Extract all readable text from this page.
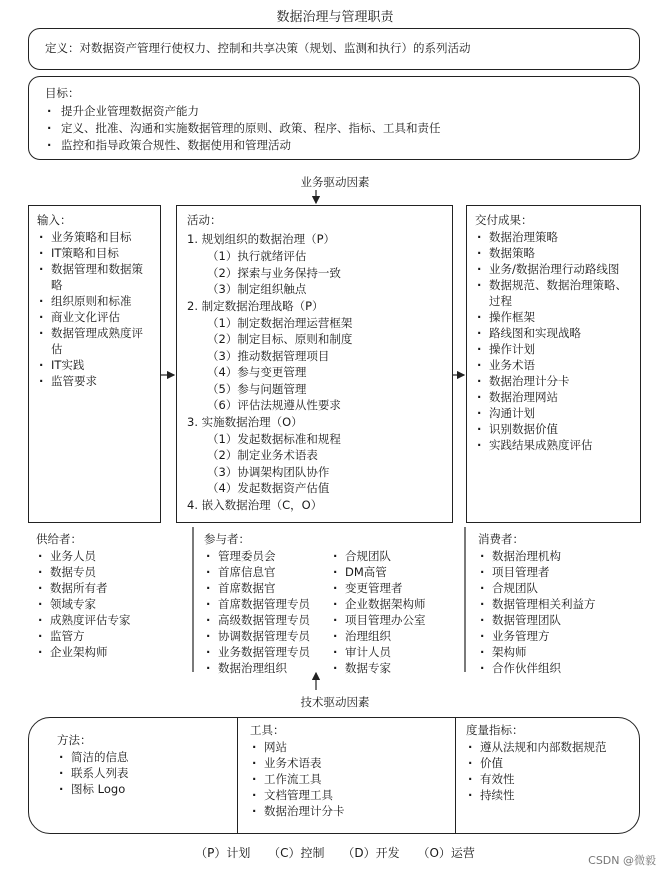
数据治理与管理职责
定义：对数据资产管理行使权力、控制和共享决策（规划、监测和执行）的系列活动
目标：
· 提升企业管理数据资产能力
· 定义、批准、沟通和实施数据管理的原则、政策、程序、指标、工具和责任
· 监控和指导政策合规性、数据使用和管理活动
业务驱动因素
输入：
· 业务策略和目标
· IT策略和目标
· 数据管理和数据策略
· 组织原则和标准
· 商业文化评估
· 数据管理成熟度评估
· IT实践
· 监管要求
活动：
1. 规划组织的数据治理（P）
（1）执行就绪评估
（2）探索与业务保持一致
（3）制定组织触点
2. 制定数据治理战略（P）
（1）制定数据治理运营框架
（2）制定目标、原则和制度
（3）推动数据管理项目
（4）参与变更管理
（5）参与问题管理
（6）评估法规遵从性要求
3. 实施数据治理（O）
（1）发起数据标准和规程
（2）制定业务术语表
（3）协调架构团队协作
（4）发起数据资产估值
4. 嵌入数据治理（C，O）
交付成果：
· 数据治理策略
· 数据策略
· 业务/数据治理行动路线图
· 数据规范、数据治理策略、过程
· 操作框架
· 路线图和实现战略
· 操作计划
· 业务术语
· 数据治理计分卡
· 数据治理网站
· 沟通计划
· 识别数据价值
· 实践结果成熟度评估
供给者：
· 业务人员
· 数据专员
· 数据所有者
· 领域专家
· 成熟度评估专家
· 监管方
· 企业架构师
参与者：
· 管理委员会
· 首席信息官
· 首席数据官
· 首席数据管理专员
· 高级数据管理专员
· 协调数据管理专员
· 业务数据管理专员
· 数据治理组织
· 合规团队
· DM高管
· 变更管理者
· 企业数据架构师
· 项目管理办公室
· 治理组织
· 审计人员
· 数据专家
消费者：
· 数据治理机构
· 项目管理者
· 合规团队
· 数据管理相关利益方
· 数据管理团队
· 业务管理方
· 架构师
· 合作伙伴组织
技术驱动因素
方法：
· 简洁的信息
· 联系人列表
· 图标 Logo
工具：
· 网站
· 业务术语表
· 工作流工具
· 文档管理工具
· 数据治理计分卡
度量指标：
· 遵从法规和内部数据规范
· 价值
· 有效性
· 持续性
（P）计划 （C）控制 （D）开发 （O）运营
CSDN @微毅
